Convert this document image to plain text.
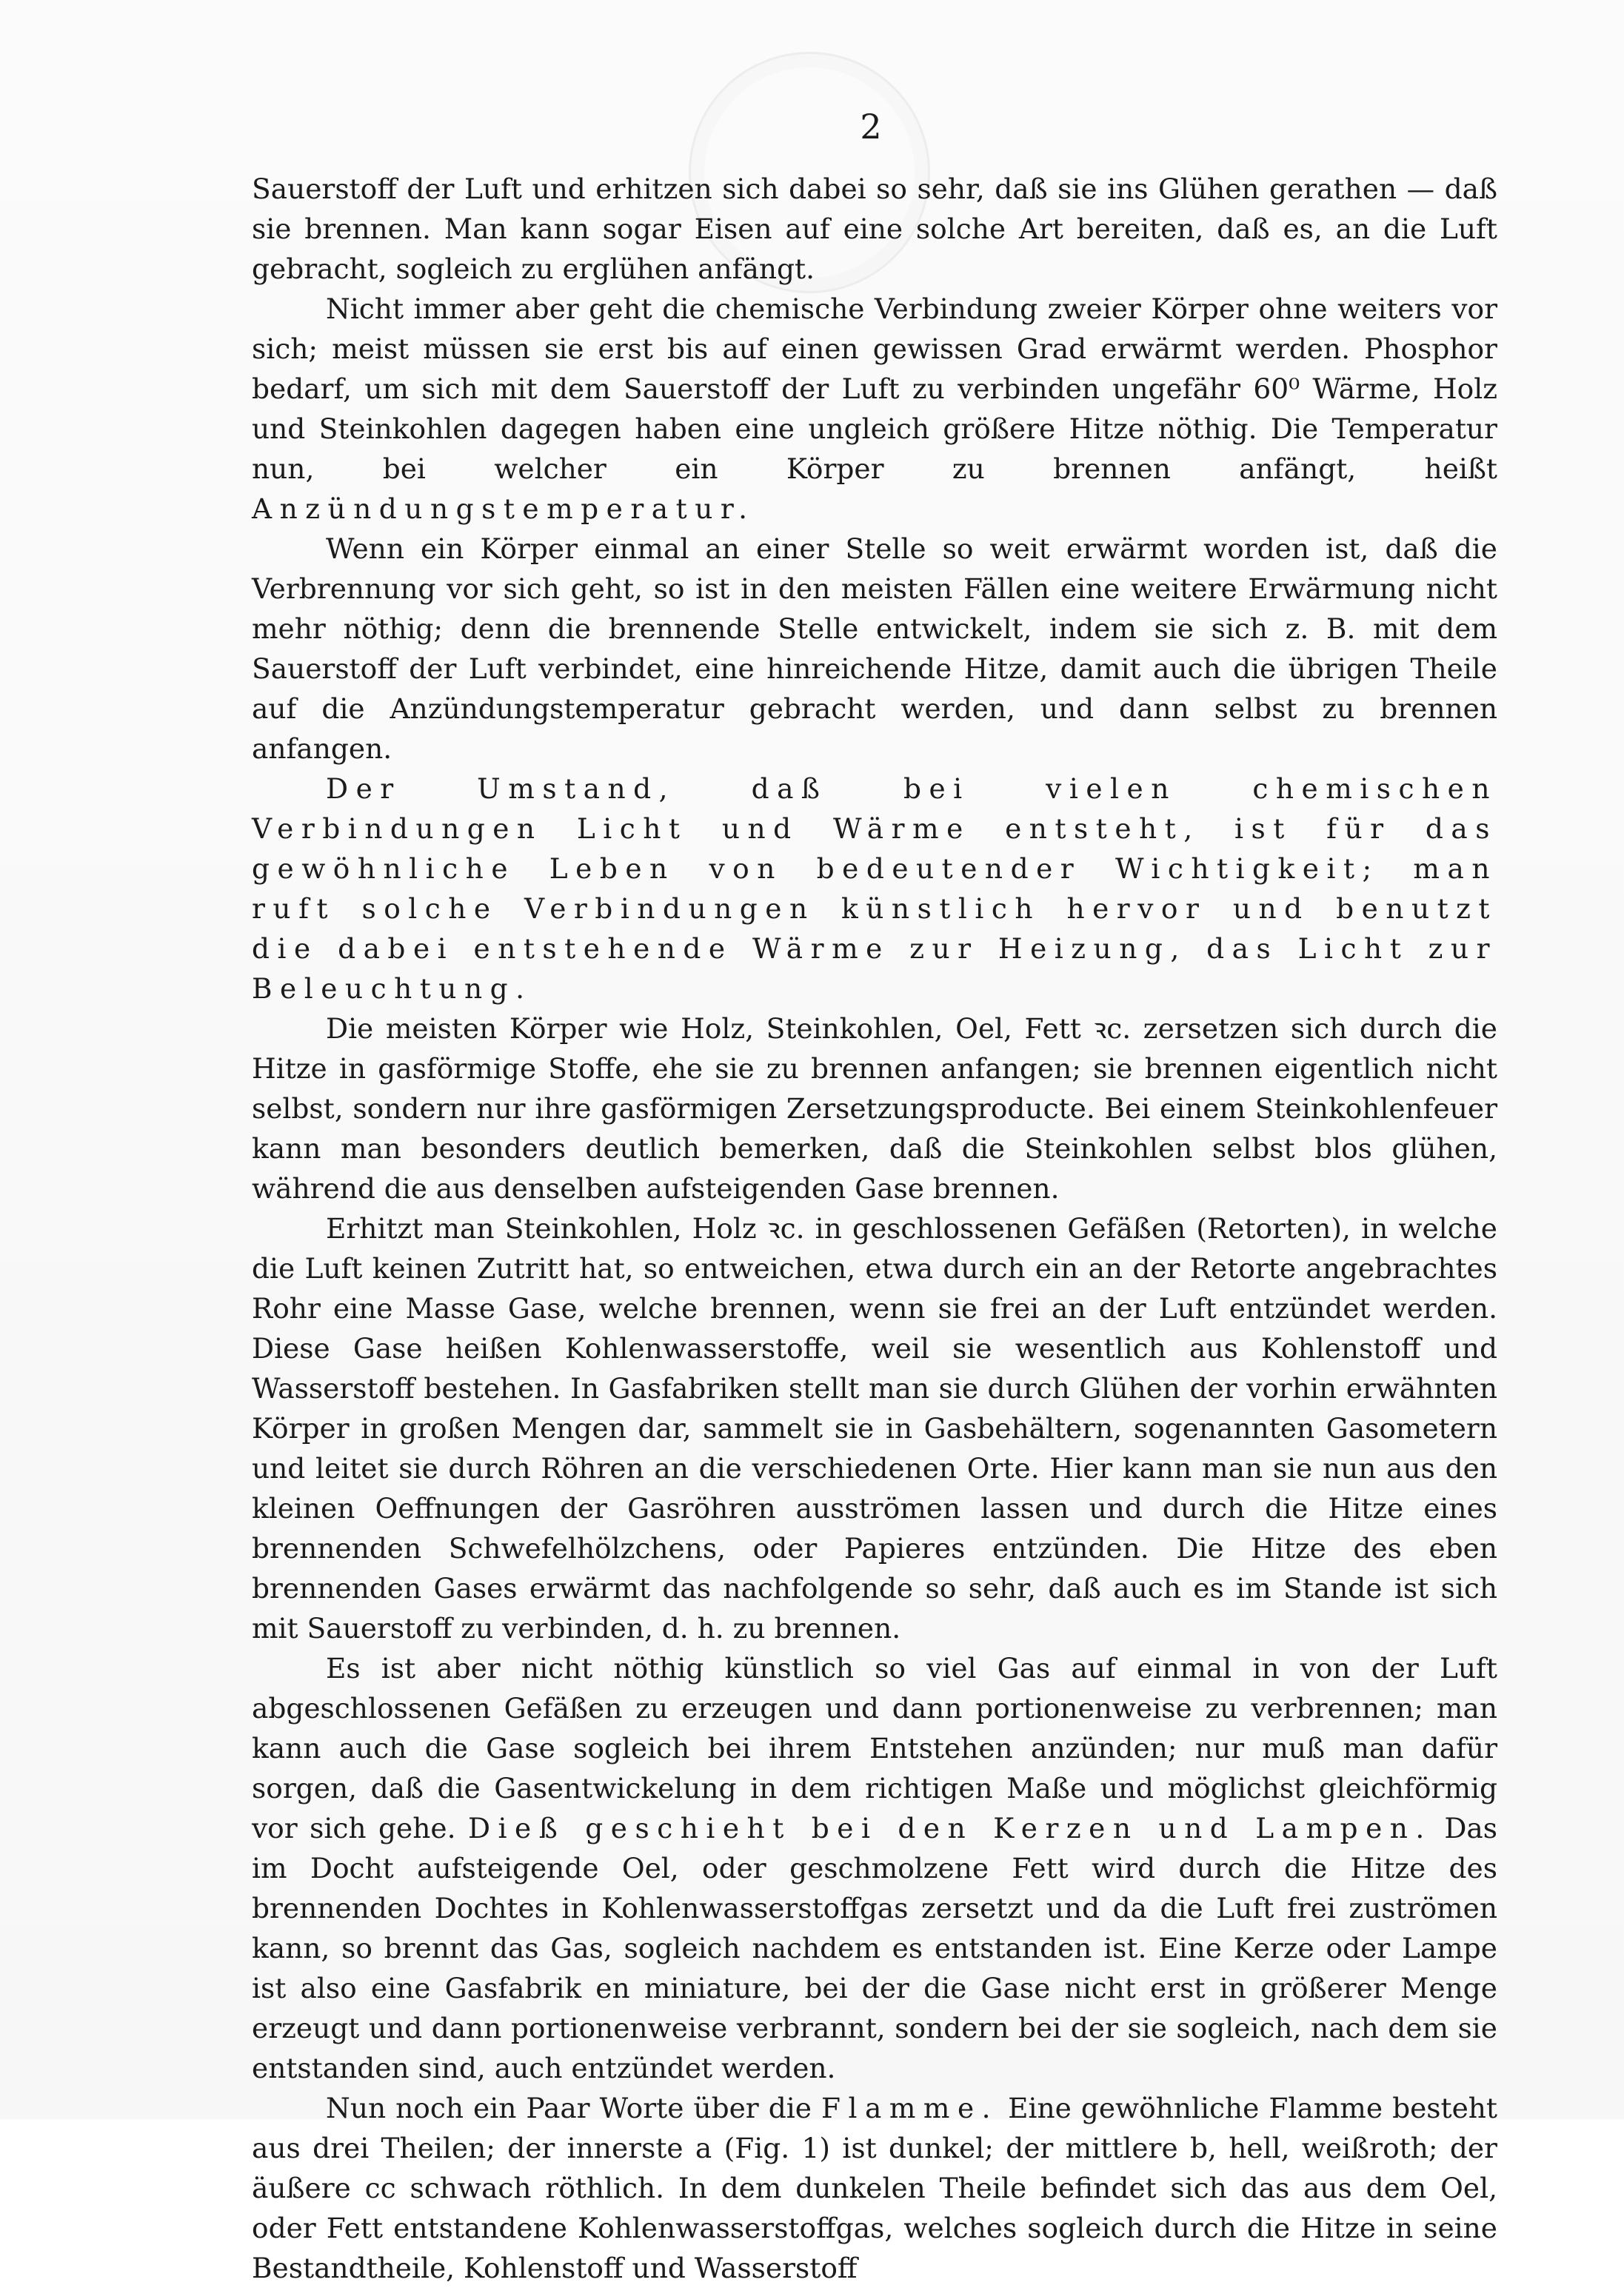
2

Sauerstoff der Luft und erhitzen sich dabei so sehr, daß sie ins Glühen gerathen — daß sie brennen. Man kann sogar Eisen auf eine solche Art bereiten, daß es, an die Luft gebracht, sogleich zu erglühen anfängt.

Nicht immer aber geht die chemische Verbindung zweier Körper ohne weiters vor sich; meist müssen sie erst bis auf einen gewissen Grad erwärmt werden. Phosphor bedarf, um sich mit dem Sauerstoff der Luft zu verbinden ungefähr 60⁰ Wärme, Holz und Steinkohlen dagegen haben eine ungleich größere Hitze nöthig. Die Temperatur nun, bei welcher ein Körper zu brennen anfängt, heißt Anzündungstemperatur.

Wenn ein Körper einmal an einer Stelle so weit erwärmt worden ist, daß die Verbrennung vor sich geht, so ist in den meisten Fällen eine weitere Erwärmung nicht mehr nöthig; denn die brennende Stelle entwickelt, indem sie sich z. B. mit dem Sauerstoff der Luft verbindet, eine hinreichende Hitze, damit auch die übrigen Theile auf die Anzündungstemperatur gebracht werden, und dann selbst zu brennen anfangen.

Der Umstand, daß bei vielen chemischen Verbindungen Licht und Wärme entsteht, ist für das gewöhnliche Leben von bedeutender Wichtigkeit; man ruft solche Verbindungen künstlich hervor und benutzt die dabei entstehende Wärme zur Heizung, das Licht zur Beleuchtung.

Die meisten Körper wie Holz, Steinkohlen, Oel, Fett ꝛc. zersetzen sich durch die Hitze in gasförmige Stoffe, ehe sie zu brennen anfangen; sie brennen eigentlich nicht selbst, sondern nur ihre gasförmigen Zersetzungsproducte. Bei einem Steinkohlenfeuer kann man besonders deutlich bemerken, daß die Steinkohlen selbst blos glühen, während die aus denselben aufsteigenden Gase brennen.

Erhitzt man Steinkohlen, Holz ꝛc. in geschlossenen Gefäßen (Retorten), in welche die Luft keinen Zutritt hat, so entweichen, etwa durch ein an der Retorte angebrachtes Rohr eine Masse Gase, welche brennen, wenn sie frei an der Luft entzündet werden. Diese Gase heißen Kohlenwasserstoffe, weil sie wesentlich aus Kohlenstoff und Wasserstoff bestehen. In Gasfabriken stellt man sie durch Glühen der vorhin erwähnten Körper in großen Mengen dar, sammelt sie in Gasbehältern, sogenannten Gasometern und leitet sie durch Röhren an die verschiedenen Orte. Hier kann man sie nun aus den kleinen Oeffnungen der Gasröhren ausströmen lassen und durch die Hitze eines brennenden Schwefelhölzchens, oder Papieres entzünden. Die Hitze des eben brennenden Gases erwärmt das nachfolgende so sehr, daß auch es im Stande ist sich mit Sauerstoff zu verbinden, d. h. zu brennen.

Es ist aber nicht nöthig künstlich so viel Gas auf einmal in von der Luft abgeschlossenen Gefäßen zu erzeugen und dann portionenweise zu verbrennen; man kann auch die Gase sogleich bei ihrem Entstehen anzünden; nur muß man dafür sorgen, daß die Gasentwickelung in dem richtigen Maße und möglichst gleichförmig vor sich gehe. Dieß geschieht bei den Kerzen und Lampen. Das im Docht aufsteigende Oel, oder geschmolzene Fett wird durch die Hitze des brennenden Dochtes in Kohlenwasserstoffgas zersetzt und da die Luft frei zuströmen kann, so brennt das Gas, sogleich nachdem es entstanden ist. Eine Kerze oder Lampe ist also eine Gasfabrik en miniature, bei der die Gase nicht erst in größerer Menge erzeugt und dann portionenweise verbrannt, sondern bei der sie sogleich, nach dem sie entstanden sind, auch entzündet werden.

Nun noch ein Paar Worte über die Flamme. Eine gewöhnliche Flamme besteht aus drei Theilen; der innerste a (Fig. 1) ist dunkel; der mittlere b, hell, weißroth; der äußere cc schwach röthlich. In dem dunkelen Theile befindet sich das aus dem Oel, oder Fett entstandene Kohlenwasserstoffgas, welches sogleich durch die Hitze in seine Bestandtheile, Kohlenstoff und Wasserstoff
